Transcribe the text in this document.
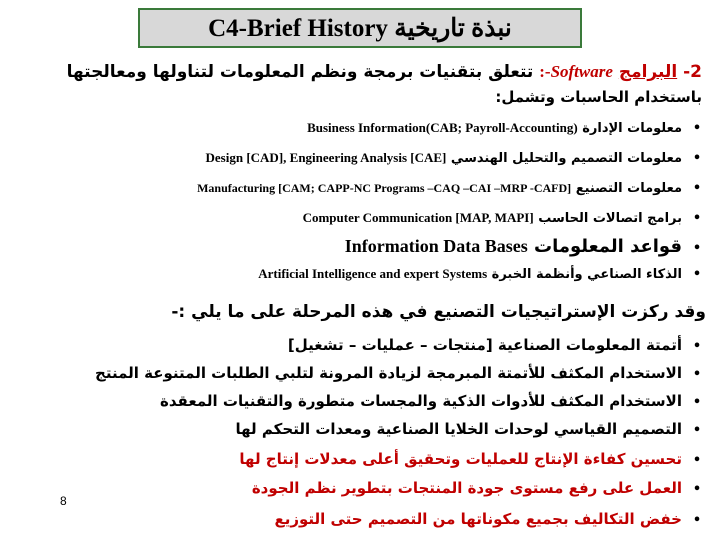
C4-Brief History نبذة تاريخية
2- البرامج Software:- تتعلق بتقنيات برمجة ونظم المعلومات لتناولها ومعالجتها
باستخدام الحاسبات وتشمل:
•معلومات الإدارة Business Information(CAB; Payroll-Accounting)
•معلومات التصميم والتحليل الهندسي Design [CAD], Engineering Analysis [CAE]
•معلومات التصنيع Manufacturing [CAM; CAPP-NC Programs –CAQ –CAI –MRP -CAFD]
•برامج اتصالات الحاسب Computer Communication [MAP, MAPI]
•قواعد المعلومات Information Data Bases
•الذكاء الصناعي وأنظمة الخبرة Artificial Intelligence and expert Systems
وقد ركزت الإستراتيجيات التصنيع في هذه المرحلة على ما يلي :-
•أتمتة المعلومات الصناعية [منتجات – عمليات – تشغيل]
•الاستخدام المكثف للأتمتة المبرمجة لزيادة المرونة لتلبي الطلبات المتنوعة المنتج
•الاستخدام المكثف للأدوات الذكية والمجسات متطورة والتقنيات المعقدة
•التصميم القياسي لوحدات الخلايا الصناعية ومعدات التحكم لها
•تحسين كفاءة الإنتاج للعمليات وتحقيق أعلى معدلات إنتاج لها
•العمل على رفع مستوى جودة المنتجات بتطوير نظم الجودة
•خفض التكاليف بجميع مكوناتها من التصميم حتى التوزيع
8
